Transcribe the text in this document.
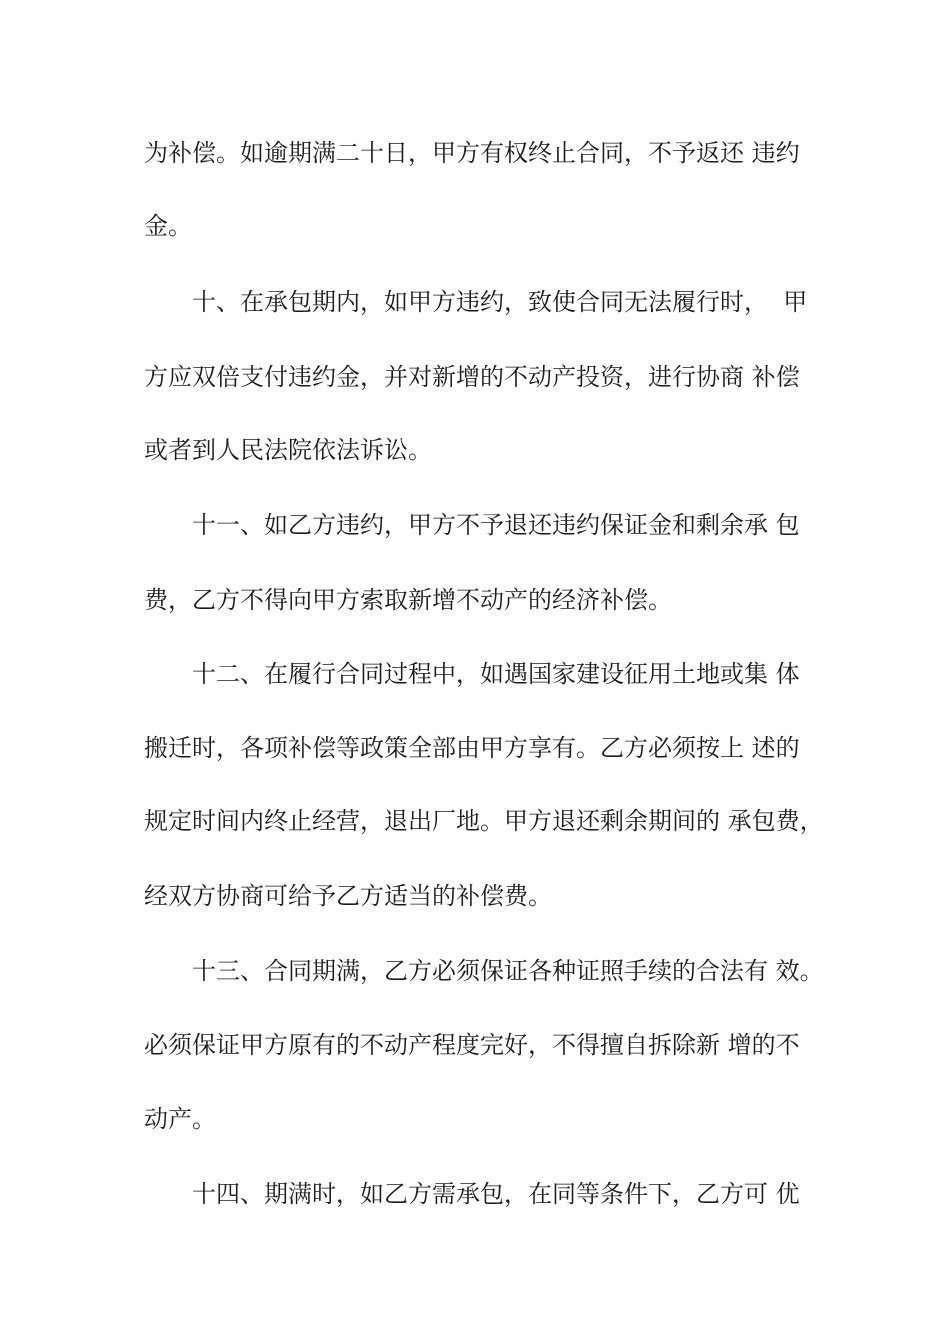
为补偿。如逾期满二十日，甲方有权终止合同，不予返还 违约
金。
十、在承包期内，如甲方违约，致使合同无法履行时，  甲
方应双倍支付违约金，并对新增的不动产投资，进行协商 补偿
或者到人民法院依法诉讼。
十一、如乙方违约，甲方不予退还违约保证金和剩余承 包
费，乙方不得向甲方索取新增不动产的经济补偿。
十二、在履行合同过程中，如遇国家建设征用土地或集 体
搬迁时，各项补偿等政策全部由甲方享有。乙方必须按上 述的
规定时间内终止经营，退出厂地。甲方退还剩余期间的 承包费，
经双方协商可给予乙方适当的补偿费。
十三、合同期满，乙方必须保证各种证照手续的合法有 效。
必须保证甲方原有的不动产程度完好，不得擅自拆除新 增的不
动产。
十四、期满时，如乙方需承包，在同等条件下，乙方可 优
